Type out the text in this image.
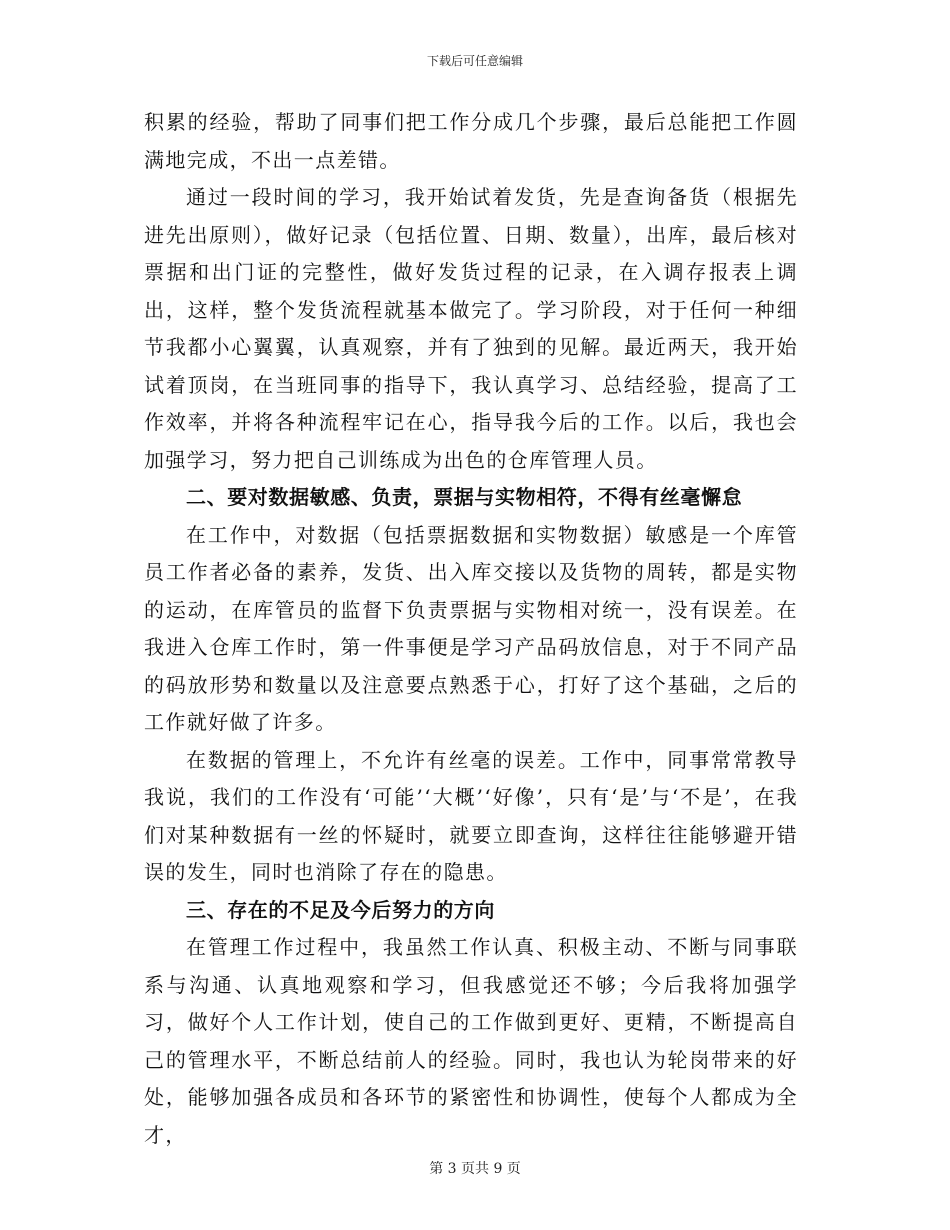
下载后可任意编辑

积累的经验，帮助了同事们把工作分成几个步骤，最后总能把工作圆满地完成，不出一点差错。

通过一段时间的学习，我开始试着发货，先是查询备货（根据先进先出原则），做好记录（包括位置、日期、数量），出库，最后核对票据和出门证的完整性，做好发货过程的记录，在入调存报表上调出，这样，整个发货流程就基本做完了。学习阶段，对于任何一种细节我都小心翼翼，认真观察，并有了独到的见解。最近两天，我开始试着顶岗，在当班同事的指导下，我认真学习、总结经验，提高了工作效率，并将各种流程牢记在心，指导我今后的工作。以后，我也会加强学习，努力把自己训练成为出色的仓库管理人员。

二、要对数据敏感、负责，票据与实物相符，不得有丝毫懈怠

在工作中，对数据（包括票据数据和实物数据）敏感是一个库管员工作者必备的素养，发货、出入库交接以及货物的周转，都是实物的运动，在库管员的监督下负责票据与实物相对统一，没有误差。在我进入仓库工作时，第一件事便是学习产品码放信息，对于不同产品的码放形势和数量以及注意要点熟悉于心，打好了这个基础，之后的工作就好做了许多。

在数据的管理上，不允许有丝毫的误差。工作中，同事常常教导我说，我们的工作没有‘可能’‘大概’‘好像’，只有‘是’与‘不是’，在我们对某种数据有一丝的怀疑时，就要立即查询，这样往往能够避开错误的发生，同时也消除了存在的隐患。

三、存在的不足及今后努力的方向

在管理工作过程中，我虽然工作认真、积极主动、不断与同事联系与沟通、认真地观察和学习，但我感觉还不够；今后我将加强学习，做好个人工作计划，使自己的工作做到更好、更精，不断提高自己的管理水平，不断总结前人的经验。同时，我也认为轮岗带来的好处，能够加强各成员和各环节的紧密性和协调性，使每个人都成为全才，

第 3 页共 9 页
